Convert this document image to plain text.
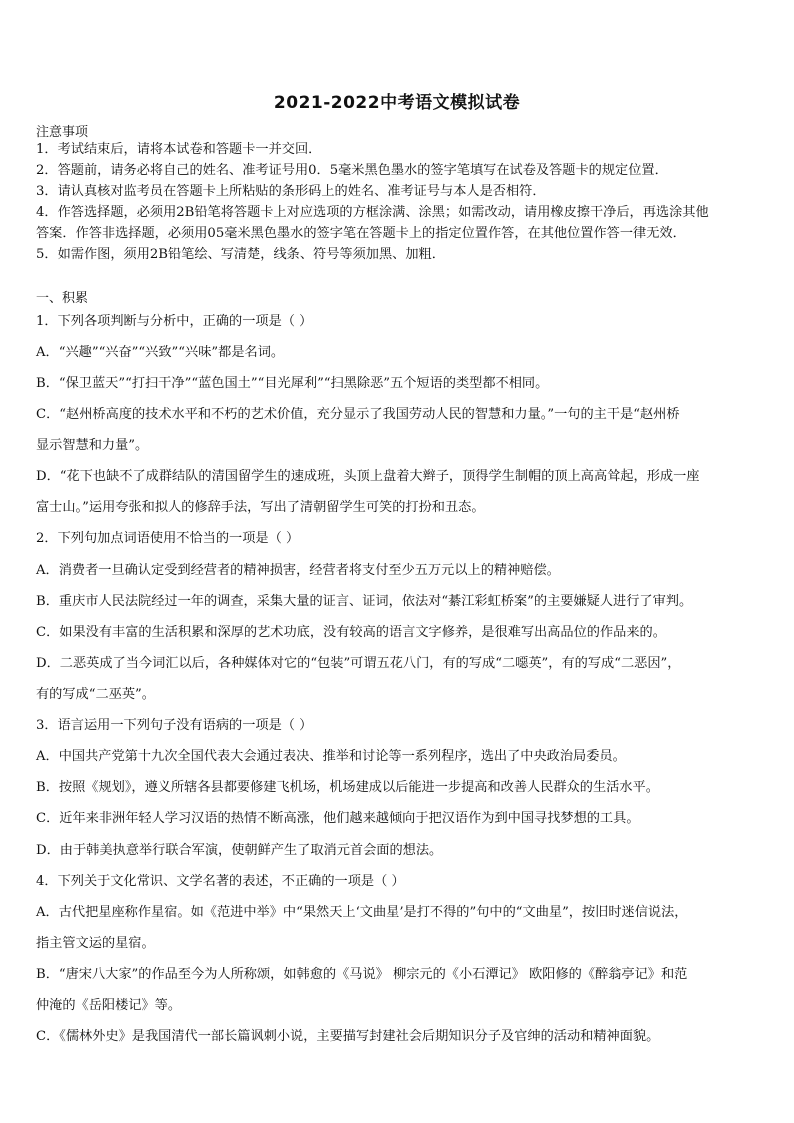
2021-2022中考语文模拟试卷
注意事项
1．考试结束后，请将本试卷和答题卡一并交回．
2．答题前，请务必将自己的姓名、准考证号用0．5毫米黑色墨水的签字笔填写在试卷及答题卡的规定位置．
3．请认真核对监考员在答题卡上所粘贴的条形码上的姓名、准考证号与本人是否相符．
4．作答选择题，必须用2B铅笔将答题卡上对应选项的方框涂满、涂黑；如需改动，请用橡皮擦干净后，再选涂其他
答案．作答非选择题，必须用05毫米黑色墨水的签字笔在答题卡上的指定位置作答，在其他位置作答一律无效．
5．如需作图，须用2B铅笔绘、写清楚，线条、符号等须加黑、加粗．
一、积累
1．下列各项判断与分析中，正确的一项是（ ）
A．“兴趣”“兴奋”“兴致”“兴味”都是名词。
B．“保卫蓝天”“打扫干净”“蓝色国土”“目光犀利”“扫黑除恶”五个短语的类型都不相同。
C．“赵州桥高度的技术水平和不朽的艺术价值，充分显示了我国劳动人民的智慧和力量。”一句的主干是“赵州桥
显示智慧和力量”。
D．“花下也缺不了成群结队的清国留学生的速成班，头顶上盘着大辫子，顶得学生制帽的顶上高高耸起，形成一座
富士山。”运用夸张和拟人的修辞手法，写出了清朝留学生可笑的打扮和丑态。
2．下列句加点词语使用不恰当的一项是（ ）
A．消费者一旦确认定受到经营者的精神损害，经营者将支付至少五万元以上的精神赔偿。
B．重庆市人民法院经过一年的调查，采集大量的证言、证词，依法对“綦江彩虹桥案”的主要嫌疑人进行了审判。
C．如果没有丰富的生活积累和深厚的艺术功底，没有较高的语言文字修养，是很难写出高品位的作品来的。
D．二恶英成了当今词汇以后，各种媒体对它的“包装”可谓五花八门，有的写成“二噁英”，有的写成“二恶因”，
有的写成“二巫英”。
3．语言运用一下列句子没有语病的一项是（ ）
A．中国共产党第十九次全国代表大会通过表决、推举和讨论等一系列程序，选出了中央政治局委员。
B．按照《规划》，遵义所辖各县都要修建飞机场，机场建成以后能进一步提高和改善人民群众的生活水平。
C．近年来非洲年轻人学习汉语的热情不断高涨，他们越来越倾向于把汉语作为到中国寻找梦想的工具。
D．由于韩美执意举行联合军演，使朝鲜产生了取消元首会面的想法。
4．下列关于文化常识、文学名著的表述，不正确的一项是（ ）
A．古代把星座称作星宿。如《范进中举》中“果然天上‘文曲星’是打不得的”句中的“文曲星”，按旧时迷信说法，
指主管文运的星宿。
B．“唐宋八大家”的作品至今为人所称颂，如韩愈的《马说》 柳宗元的《小石潭记》 欧阳修的《醉翁亭记》和范
仲淹的《岳阳楼记》等。
C．《儒林外史》是我国清代一部长篇讽刺小说，主要描写封建社会后期知识分子及官绅的活动和精神面貌。
